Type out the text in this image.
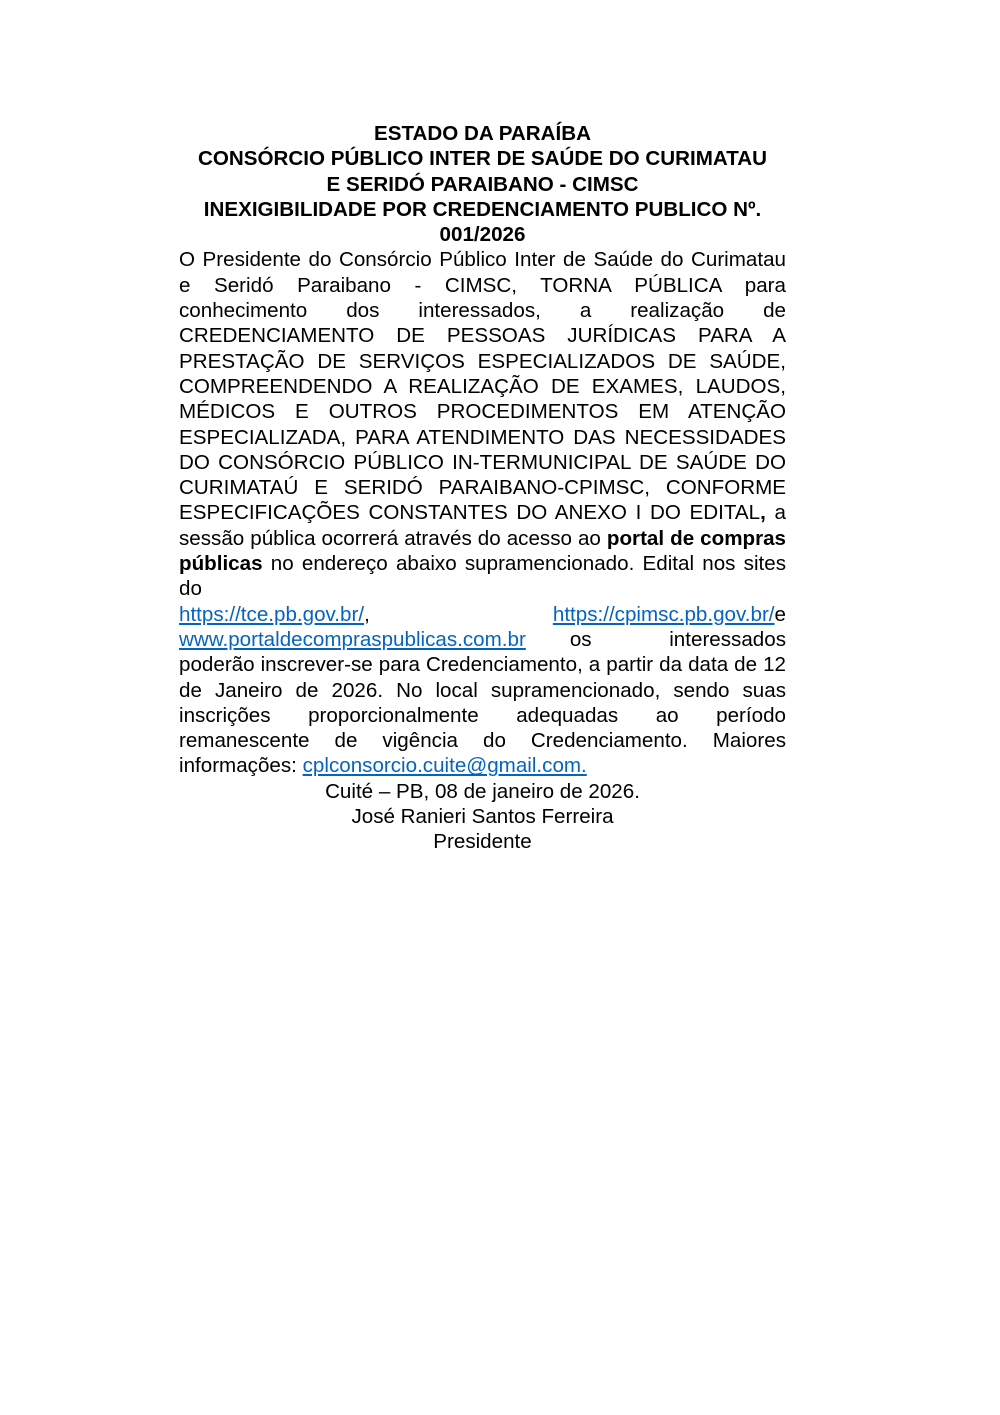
ESTADO DA PARAÍBA

CONSÓRCIO PÚBLICO INTER DE SAÚDE DO CURIMATAU

E SERIDÓ PARAIBANO - CIMSC

INEXIGIBILIDADE POR CREDENCIAMENTO PUBLICO Nº.

001/2026

O Presidente do Consórcio Público Inter de Saúde do Curimatau e Seridó Paraibano - CIMSC, TORNA PÚBLICA para conhecimento dos interessados, a realização de CREDENCIAMENTO DE PESSOAS JURÍDICAS PARA A PRESTAÇÃO DE SERVIÇOS ESPECIALIZADOS DE SAÚDE, COMPREENDENDO A REALIZAÇÃO DE EXAMES, LAUDOS, MÉDICOS E OUTROS PROCEDIMENTOS EM ATENÇÃO ESPECIALIZADA, PARA ATENDIMENTO DAS NECESSIDADES DO CONSÓRCIO PÚBLICO IN-TERMUNICIPAL DE SAÚDE DO CURIMATAÚ E SERIDÓ PARAIBANO-CPIMSC, CONFORME ESPECIFICAÇÕES CONSTANTES DO ANEXO I DO EDITAL, a sessão pública ocorrerá através do acesso ao portal de compras públicas no endereço abaixo supramencionado. Edital nos sites do

https://tce.pb.gov.br/,	https://cpimsc.pb.gov.br/e
www.portaldecompraspublicas.com.br	os	interessados

poderão inscrever-se para Credenciamento, a partir da data de 12 de Janeiro de 2026. No local supramencionado, sendo suas inscrições proporcionalmente adequadas ao período remanescente de vigência do Credenciamento. Maiores informações: cplconsorcio.cuite@gmail.com.

Cuité – PB, 08 de janeiro de 2026.

José Ranieri Santos Ferreira

Presidente
